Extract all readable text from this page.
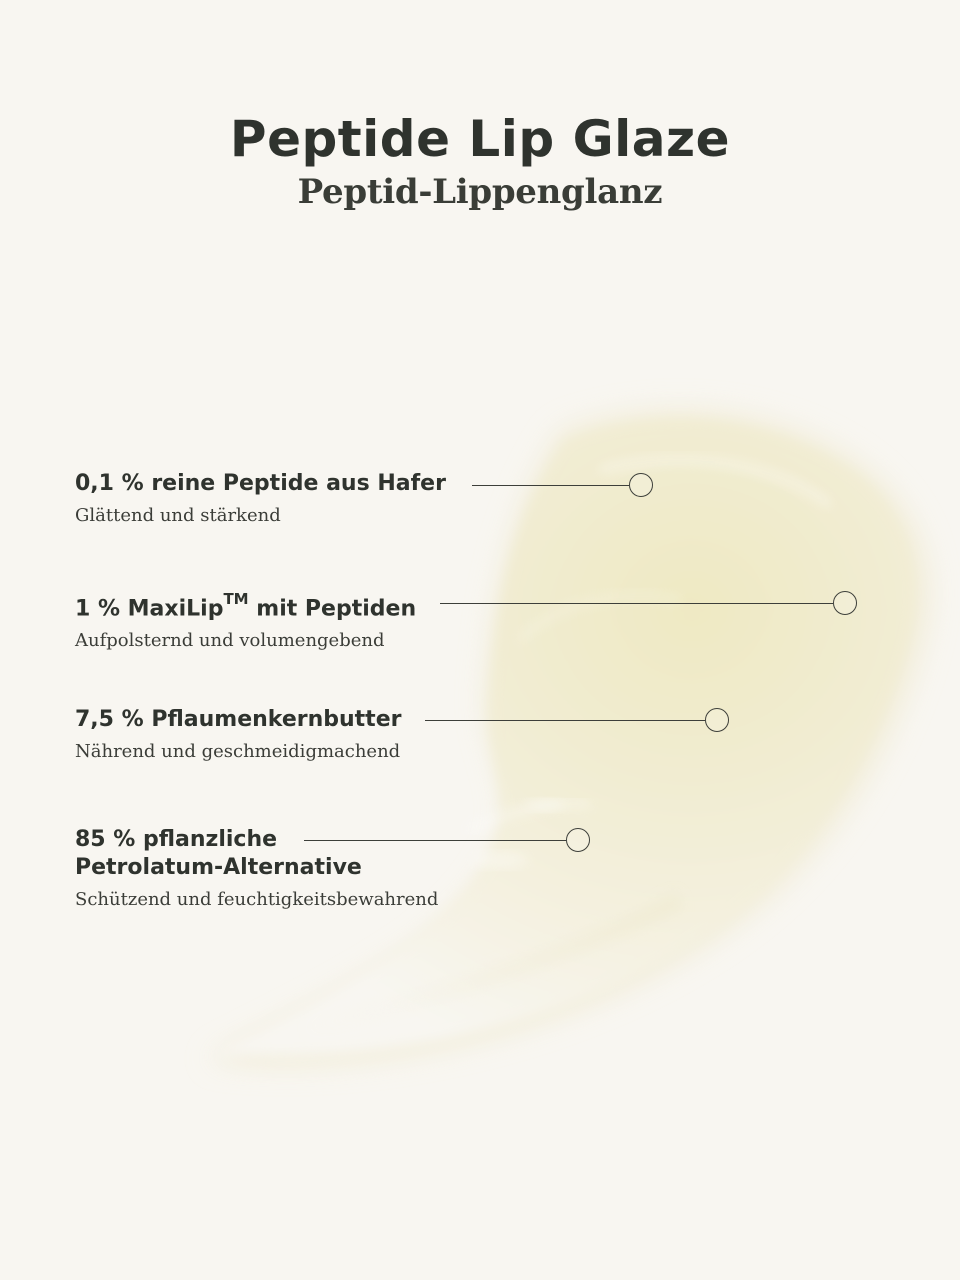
Peptide Lip Glaze
Peptid-Lippenglanz

0,1 % reine Peptide aus Hafer

Glättend und stärkend

1 % MaxiLip™ mit Peptiden

Aufpolsternd und volumengebend

7,5 % Pflaumenkernbutter

Nährend und geschmeidigmachend

85 % pflanzliche

Petrolatum-Alternative

Schützend und feuchtigkeitsbewahrend
